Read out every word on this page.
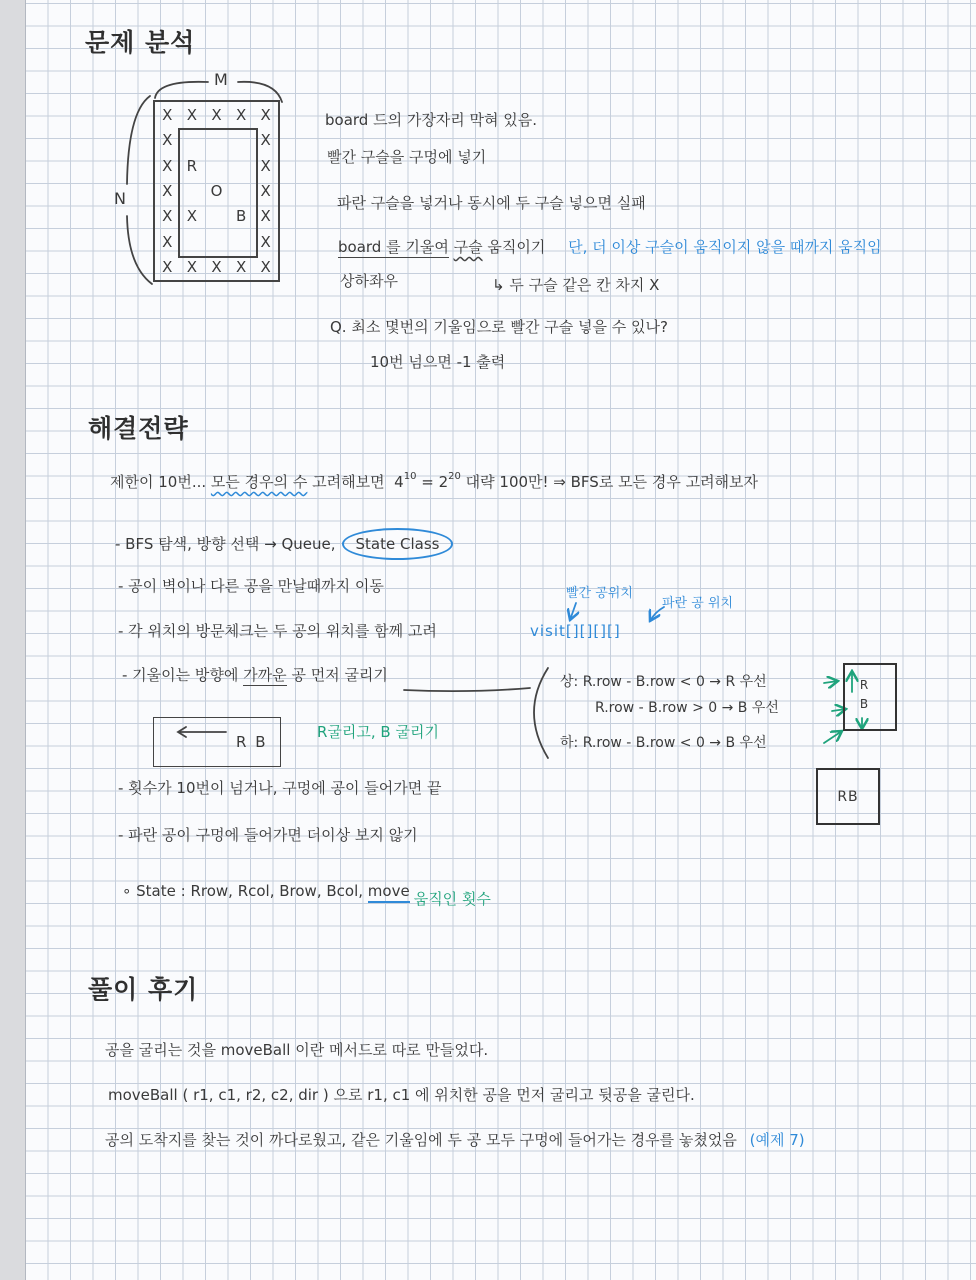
문제 분석
X X X X X
X	X
X R	X
X	O	X
X X	B X
X	X
X X X X X
M
N
board 드의 가장자리 막혀 있음.
빨간 구슬을 구멍에 넣기
파란 구슬을 넣거나 동시에 두 구슬 넣으면 실패
board 를 기울여 구슬 움직이기 단, 더 이상 구슬이 움직이지 않을 때까지 움직임
상하좌우	↳ 두 구슬 같은 칸 차지 X
Q. 최소 몇번의 기울임으로 빨간 구슬 넣을 수 있나?
10번 넘으면 -1 출력
해결전략
제한이 10번... 모든 경우의 수 고려해보면 $4^{10} = 2^{20}$ 대략 100만! ⇒ BFS로 모든 경우 고려해보자
- BFS 탐색, 방향 선택 → Queue, State Class
- 공이 벽이나 다른 공을 만날때까지 이동
- 각 위치의 방문체크는 두 공의 위치를 함께 고려	visit[][][][]
빨간 공위치
파란 공 위치
- 기울이는 방향에 가까운 공 먼저 굴리기
R B
R굴리고, B 굴리기
상: R.row - B.row < 0 → R 우선
R.row - B.row > 0 → B 우선
하: R.row - B.row < 0 → B 우선
R
B
RB
- 횟수가 10번이 넘거나, 구멍에 공이 들어가면 끝
- 파란 공이 구멍에 들어가면 더이상 보지 않기
∘ State : Rrow, Rcol, Brow, Bcol, move 움직인 횟수
풀이 후기
공을 굴리는 것을 moveBall 이란 메서드로 따로 만들었다.
moveBall ( r1, c1, r2, c2, dir ) 으로 r1, c1 에 위치한 공을 먼저 굴리고 뒷공을 굴린다.
공의 도착지를 찾는 것이 까다로웠고, 같은 기울임에 두 공 모두 구멍에 들어가는 경우를 놓쳤었음 (예제 7)
